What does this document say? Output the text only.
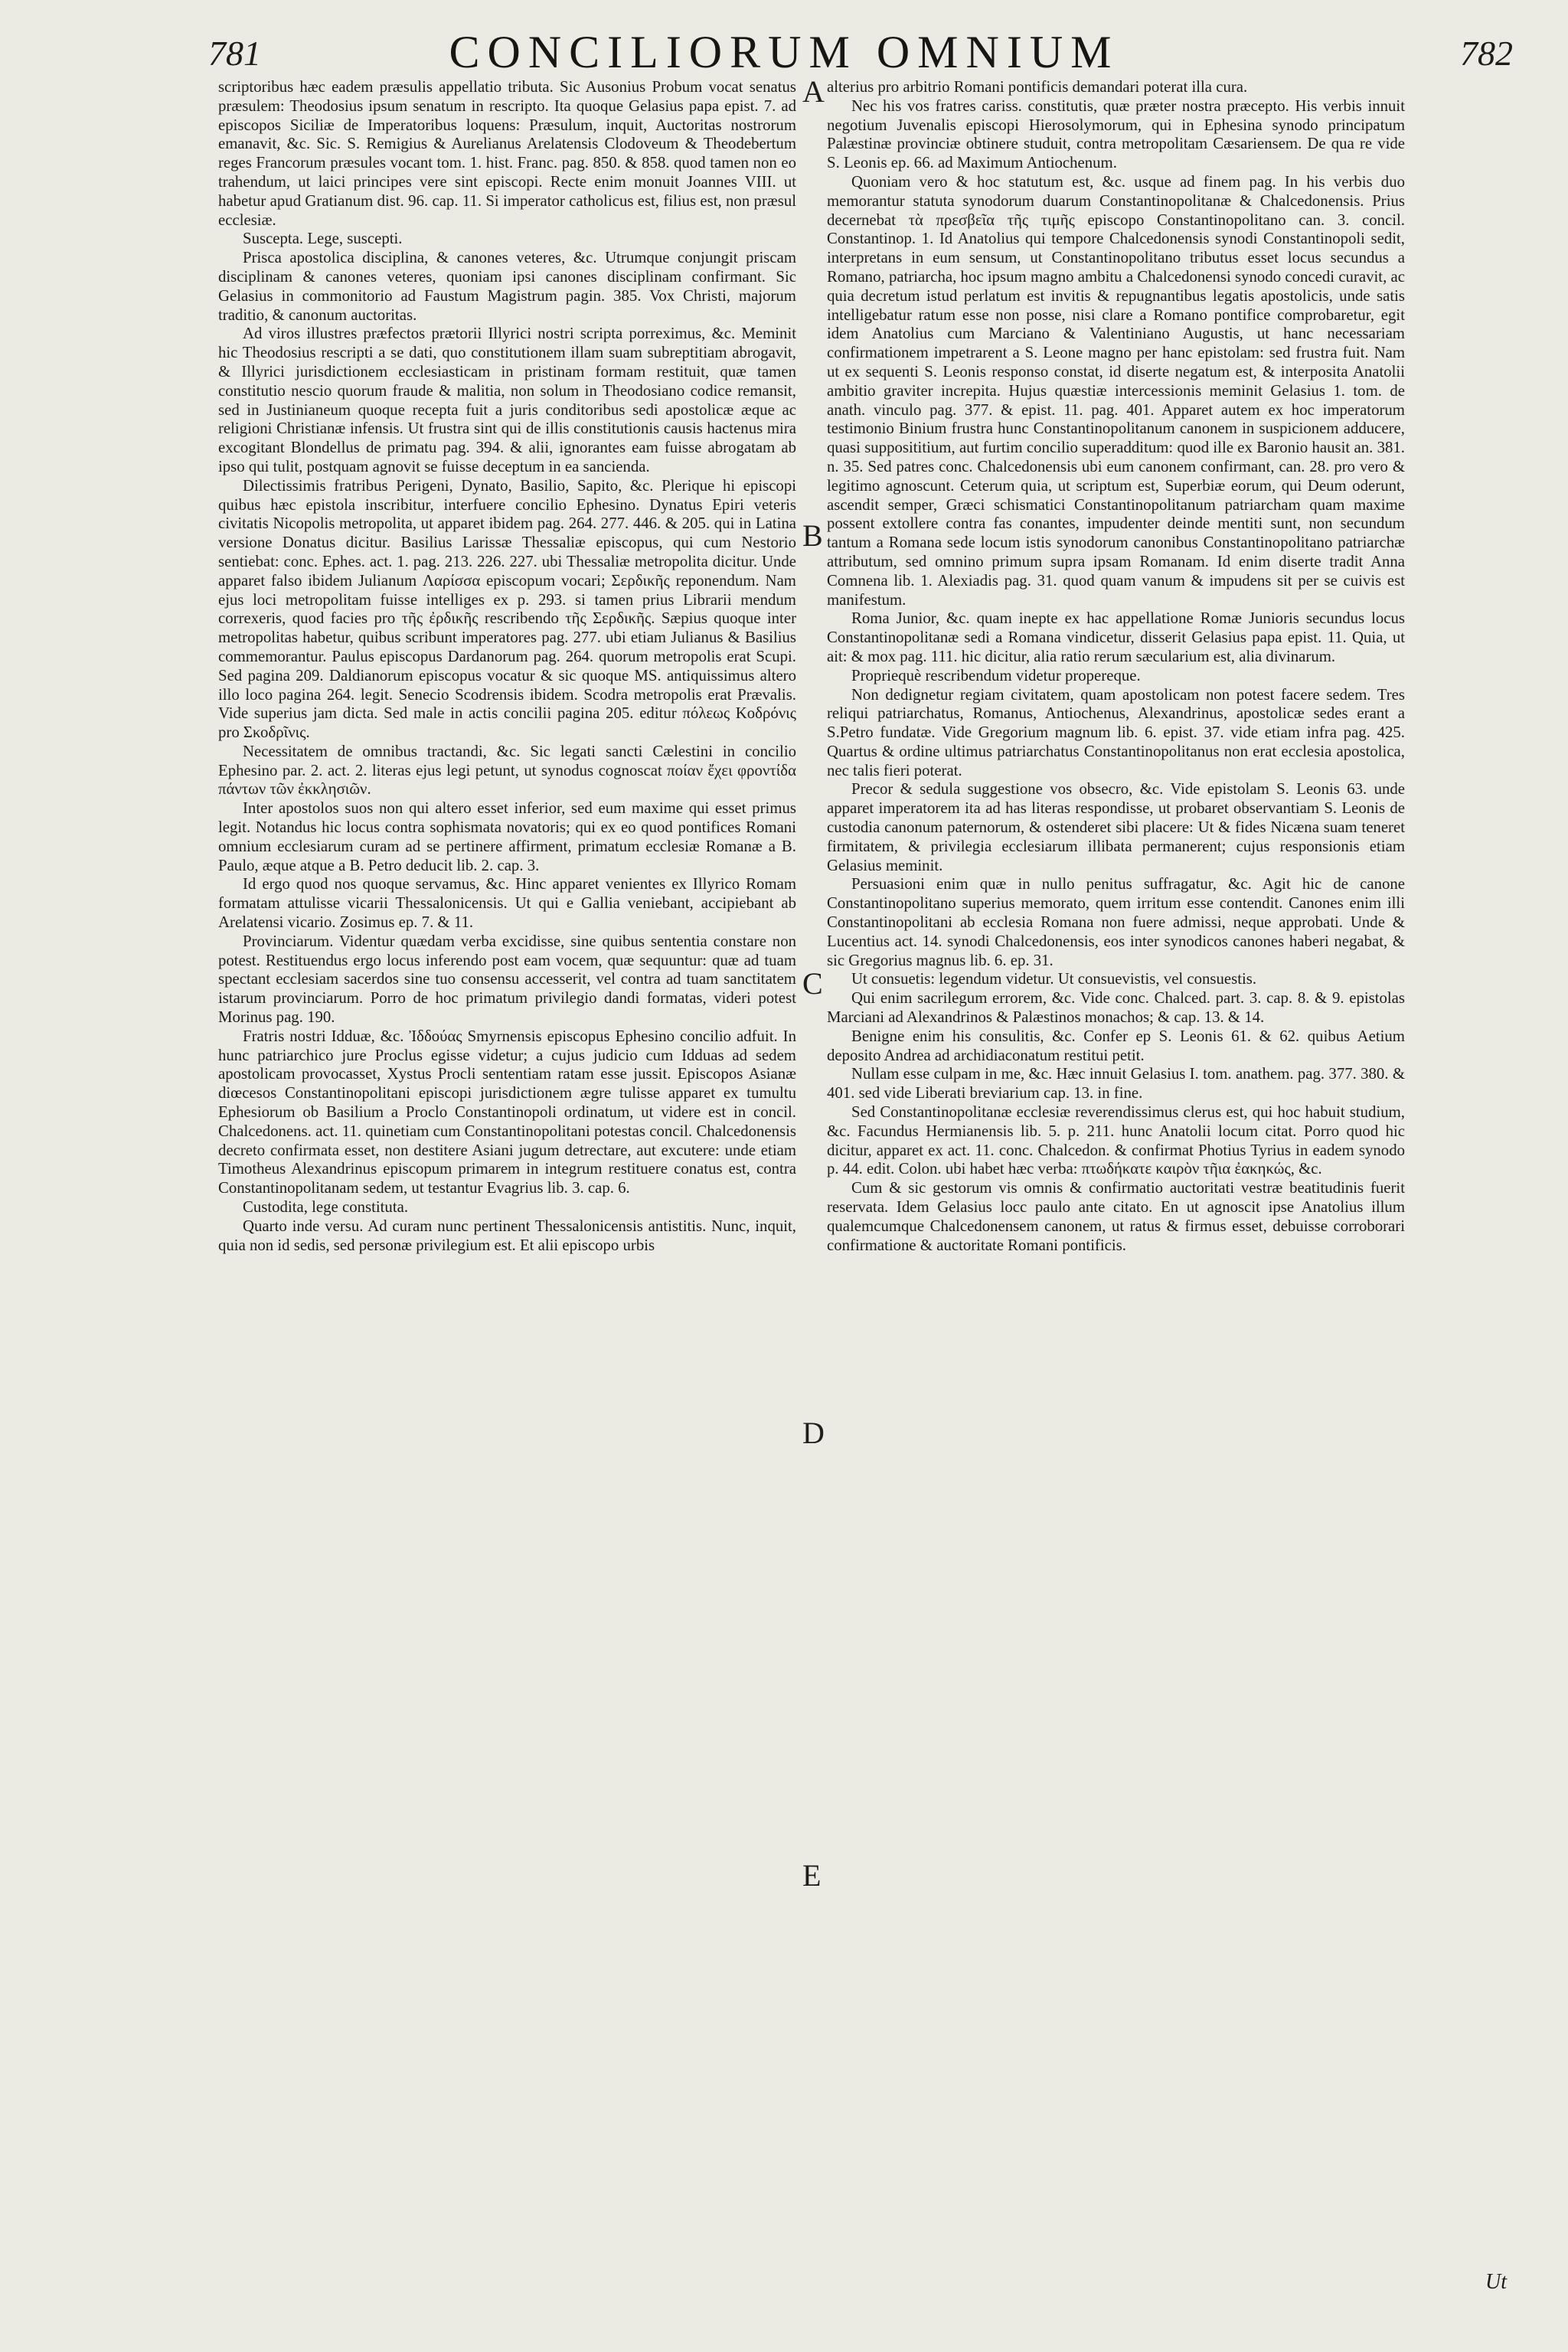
781	CONCILIORUM OMNIUM	782

scriptoribus hæc eadem præsulis appellatio tributa. Sic Ausonius Probum vocat senatus præsulem: Theodosius ipsum senatum in rescripto. Ita quoque Gelasius papa epist. 7. ad episcopos Siciliæ de Imperatoribus loquens: Præsulum, inquit, Auctoritas nostrorum emanavit, &c. Sic. S. Remigius & Aurelianus Arelatensis Clodoveum & Theodebertum reges Francorum præsules vocant tom. 1. hist. Franc. pag. 850. & 858. quod tamen non eo trahendum, ut laici principes vere sint episcopi. Recte enim monuit Joannes VIII. ut habetur apud Gratianum dist. 96. cap. 11. Si imperator catholicus est, filius est, non præsul ecclesiæ.

Suscepta. Lege, suscepti.

Prisca apostolica disciplina, & canones veteres, &c. Utrumque conjungit priscam disciplinam & canones veteres, quoniam ipsi canones disciplinam confirmant. Sic Gelasius in commonitorio ad Faustum Magistrum pagin. 385. Vox Christi, majorum traditio, & canonum auctoritas.

Ad viros illustres præfectos prætorii Illyrici nostri scripta porreximus, &c. Meminit hic Theodosius rescripti a se dati, quo constitutionem illam suam subreptitiam abrogavit, & Illyrici jurisdictionem ecclesiasticam in pristinam formam restituit, quæ tamen constitutio nescio quorum fraude & malitia, non solum in Theodosiano codice remansit, sed in Justinianeum quoque recepta fuit a juris conditoribus sedi apostolicæ æque ac religioni Christianæ infensis. Ut frustra sint qui de illis constitutionis causis hactenus mira excogitant Blondellus de primatu pag. 394. & alii, ignorantes eam fuisse abrogatam ab ipso qui tulit, postquam agnovit se fuisse deceptum in ea sancienda.

Dilectissimis fratribus Perigeni, Dynato, Basilio, Sapito, &c. Plerique hi episcopi quibus hæc epistola inscribitur, interfuere concilio Ephesino. Dynatus Epiri veteris civitatis Nicopolis metropolita, ut apparet ibidem pag. 264. 277. 446. & 205. qui in Latina versione Donatus dicitur. Basilius Larissæ Thessaliæ episcopus, qui cum Nestorio sentiebat: conc. Ephes. act. 1. pag. 213. 226. 227. ubi Thessaliæ metropolita dicitur. Unde apparet falso ibidem Julianum Λαρίσσα episcopum vocari; Σερδικῆς reponendum. Nam ejus loci metropolitam fuisse intelliges ex p. 293. si tamen prius Librarii mendum correxeris, quod facies pro τῆς ἐρδικῆς rescribendo τῆς Σερδικῆς. Sæpius quoque inter metropolitas habetur, quibus scribunt imperatores pag. 277. ubi etiam Julianus & Basilius commemorantur. Paulus episcopus Dardanorum pag. 264. quorum metropolis erat Scupi. Sed pagina 209. Daldianorum episcopus vocatur & sic quoque MS. antiquissimus altero illo loco pagina 264. legit. Senecio Scodrensis ibidem. Scodra metropolis erat Prævalis. Vide superius jam dicta. Sed male in actis concilii pagina 205. editur πόλεως Κοδρόνις pro Σκοδρῖνις.

Necessitatem de omnibus tractandi, &c. Sic legati sancti Cælestini in concilio Ephesino par. 2. act. 2. literas ejus legi petunt, ut synodus cognoscat ποίαν ἔχει φροντίδα πάντων τῶν ἐκκλησιῶν.

Inter apostolos suos non qui altero esset inferior, sed eum maxime qui esset primus legit. Notandus hic locus contra sophismata novatoris; qui ex eo quod pontifices Romani omnium ecclesiarum curam ad se pertinere affirment, primatum ecclesiæ Romanæ a B. Paulo, æque atque a B. Petro deducit lib. 2. cap. 3.

Id ergo quod nos quoque servamus, &c. Hinc apparet venientes ex Illyrico Romam formatam attulisse vicarii Thessalonicensis. Ut qui e Gallia veniebant, accipiebant ab Arelatensi vicario. Zosimus ep. 7. & 11.

Provinciarum. Videntur quædam verba excidisse, sine quibus sententia constare non potest. Restituendus ergo locus inferendo post eam vocem, quæ sequuntur: quæ ad tuam spectant ecclesiam sacerdos sine tuo consensu accesserit, vel contra ad tuam sanctitatem istarum provinciarum. Porro de hoc primatum privilegio dandi formatas, videri potest Morinus pag. 190.

Fratris nostri Idduæ, &c. Ἰδδούας Smyrnensis episcopus Ephesino concilio adfuit. In hunc patriarchico jure Proclus egisse videtur; a cujus judicio cum Idduas ad sedem apostolicam provocasset, Xystus Procli sententiam ratam esse jussit. Episcopos Asianæ diœcesos Constantinopolitani episcopi jurisdictionem ægre tulisse apparet ex tumultu Ephesiorum ob Basilium a Proclo Constantinopoli ordinatum, ut videre est in concil. Chalcedonens. act. 11. quinetiam cum Constantinopolitani potestas concil. Chalcedonensis decreto confirmata esset, non destitere Asiani jugum detrectare, aut excutere: unde etiam Timotheus Alexandrinus episcopum primarem in integrum restituere conatus est, contra Constantinopolitanam sedem, ut testantur Evagrius lib. 3. cap. 6.

Custodita, lege constituta.

Quarto inde versu. Ad curam nunc pertinent Thessalonicensis antistitis. Nunc, inquit, quia non id sedis, sed personæ privilegium est. Et alii episcopo urbis

A
B
C
D
E

alterius pro arbitrio Romani pontificis demandari poterat illa cura.

Nec his vos fratres cariss. constitutis, quæ præter nostra præcepto. His verbis innuit negotium Juvenalis episcopi Hierosolymorum, qui in Ephesina synodo principatum Palæstinæ provinciæ obtinere studuit, contra metropolitam Cæsariensem. De qua re vide S. Leonis ep. 66. ad Maximum Antiochenum.

Quoniam vero & hoc statutum est, &c. usque ad finem pag. In his verbis duo memorantur statuta synodorum duarum Constantinopolitanæ & Chalcedonensis. Prius decernebat τὰ πρεσβεῖα τῆς τιμῆς episcopo Constantinopolitano can. 3. concil. Constantinop. 1. Id Anatolius qui tempore Chalcedonensis synodi Constantinopoli sedit, interpretans in eum sensum, ut Constantinopolitano tributus esset locus secundus a Romano, patriarcha, hoc ipsum magno ambitu a Chalcedonensi synodo concedi curavit, ac quia decretum istud perlatum est invitis & repugnantibus legatis apostolicis, unde satis intelligebatur ratum esse non posse, nisi clare a Romano pontifice comprobaretur, egit idem Anatolius cum Marciano & Valentiniano Augustis, ut hanc necessariam confirmationem impetrarent a S. Leone magno per hanc epistolam: sed frustra fuit. Nam ut ex sequenti S. Leonis responso constat, id diserte negatum est, & interposita Anatolii ambitio graviter increpita. Hujus quæstiæ intercessionis meminit Gelasius 1. tom. de anath. vinculo pag. 377. & epist. 11. pag. 401. Apparet autem ex hoc imperatorum testimonio Binium frustra hunc Constantinopolitanum canonem in suspicionem adducere, quasi supposititium, aut furtim concilio superadditum: quod ille ex Baronio hausit an. 381. n. 35. Sed patres conc. Chalcedonensis ubi eum canonem confirmant, can. 28. pro vero & legitimo agnoscunt. Ceterum quia, ut scriptum est, Superbiæ eorum, qui Deum oderunt, ascendit semper, Græci schismatici Constantinopolitanum patriarcham quam maxime possent extollere contra fas conantes, impudenter deinde mentiti sunt, non secundum tantum a Romana sede locum istis synodorum canonibus Constantinopolitano patriarchæ attributum, sed omnino primum supra ipsam Romanam. Id enim diserte tradit Anna Comnena lib. 1. Alexiadis pag. 31. quod quam vanum & impudens sit per se cuivis est manifestum.

Roma Junior, &c. quam inepte ex hac appellatione Romæ Junioris secundus locus Constantinopolitanæ sedi a Romana vindicetur, disserit Gelasius papa epist. 11. Quia, ut ait: & mox pag. 111. hic dicitur, alia ratio rerum sæcularium est, alia divinarum.

Propriequè rescribendum videtur propereque.

Non dedignetur regiam civitatem, quam apostolicam non potest facere sedem. Tres reliqui patriarchatus, Romanus, Antiochenus, Alexandrinus, apostolicæ sedes erant a S.Petro fundatæ. Vide Gregorium magnum lib. 6. epist. 37. vide etiam infra pag. 425. Quartus & ordine ultimus patriarchatus Constantinopolitanus non erat ecclesia apostolica, nec talis fieri poterat.

Precor & sedula suggestione vos obsecro, &c. Vide epistolam S. Leonis 63. unde apparet imperatorem ita ad has literas respondisse, ut probaret observantiam S. Leonis de custodia canonum paternorum, & ostenderet sibi placere: Ut & fides Nicæna suam teneret firmitatem, & privilegia ecclesiarum illibata permanerent; cujus responsionis etiam Gelasius meminit.

Persuasioni enim quæ in nullo penitus suffragatur, &c. Agit hic de canone Constantinopolitano superius memorato, quem irritum esse contendit. Canones enim illi Constantinopolitani ab ecclesia Romana non fuere admissi, neque approbati. Unde & Lucentius act. 14. synodi Chalcedonensis, eos inter synodicos canones haberi negabat, & sic Gregorius magnus lib. 6. ep. 31.

Ut consuetis: legendum videtur. Ut consuevistis, vel consuestis.

Qui enim sacrilegum errorem, &c. Vide conc. Chalced. part. 3. cap. 8. & 9. epistolas Marciani ad Alexandrinos & Palæstinos monachos; & cap. 13. & 14.

Benigne enim his consulitis, &c. Confer ep S. Leonis 61. & 62. quibus Aetium deposito Andrea ad archidiaconatum restitui petit.

Nullam esse culpam in me, &c. Hæc innuit Gelasius I. tom. anathem. pag. 377. 380. & 401. sed vide Liberati breviarium cap. 13. in fine.

Sed Constantinopolitanæ ecclesiæ reverendissimus clerus est, qui hoc habuit studium, &c. Facundus Hermianensis lib. 5. p. 211. hunc Anatolii locum citat. Porro quod hic dicitur, apparet ex act. 11. conc. Chalcedon. & confirmat Photius Tyrius in eadem synodo p. 44. edit. Colon. ubi habet hæc verba: πτωδήκατε καιρὸν τῆια ἐακηκώς, &c.

Cum & sic gestorum vis omnis & confirmatio auctoritati vestræ beatitudinis fuerit reservata. Idem Gelasius locc paulo ante citato. En ut agnoscit ipse Anatolius illum qualemcumque Chalcedonensem canonem, ut ratus & firmus esset, debuisse corroborari confirmatione & auctoritate Romani pontificis.

Ut
